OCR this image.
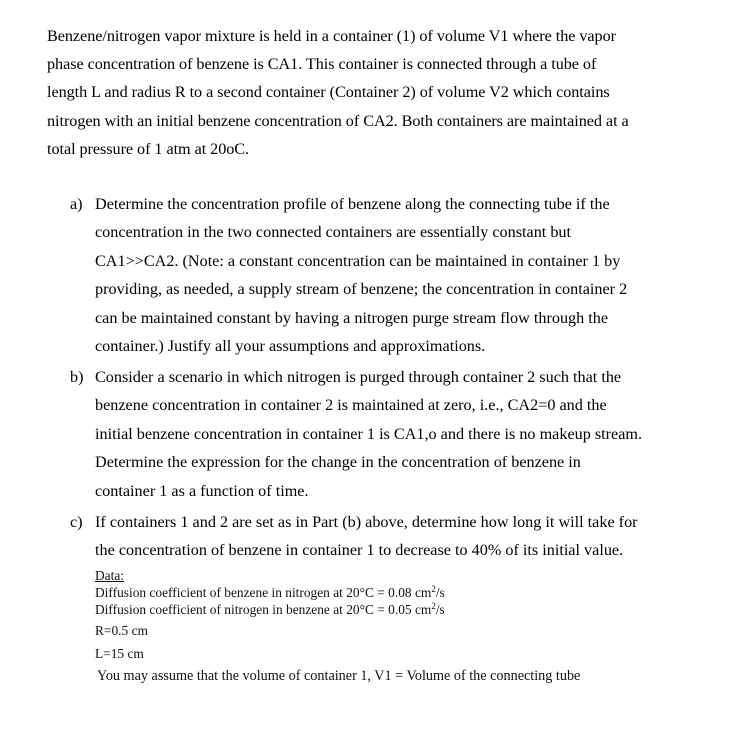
Benzene/nitrogen vapor mixture is held in a container (1) of volume V1 where the vapor
phase concentration of benzene is CA1. This container is connected through a tube of
length L and radius R to a second container (Container 2) of volume V2 which contains
nitrogen with an initial benzene concentration of CA2. Both containers are maintained at a
total pressure of 1 atm at 20oC.
a) Determine the concentration profile of benzene along the connecting tube if the
concentration in the two connected containers are essentially constant but
CA1>>CA2. (Note: a constant concentration can be maintained in container 1 by
providing, as needed, a supply stream of benzene; the concentration in container 2
can be maintained constant by having a nitrogen purge stream flow through the
container.) Justify all your assumptions and approximations.
b) Consider a scenario in which nitrogen is purged through container 2 such that the
benzene concentration in container 2 is maintained at zero, i.e., CA2=0 and the
initial benzene concentration in container 1 is CA1,o and there is no makeup stream.
Determine the expression for the change in the concentration of benzene in
container 1 as a function of time.
c) If containers 1 and 2 are set as in Part (b) above, determine how long it will take for
the concentration of benzene in container 1 to decrease to 40% of its initial value.
Data:
Diffusion coefficient of benzene in nitrogen at 20°C = 0.08 $cm^2/s$
Diffusion coefficient of nitrogen in benzene at 20°C = 0.05 $cm^2/s$
R=0.5 cm
L=15 cm
You may assume that the volume of container 1, V1 = Volume of the connecting tube
